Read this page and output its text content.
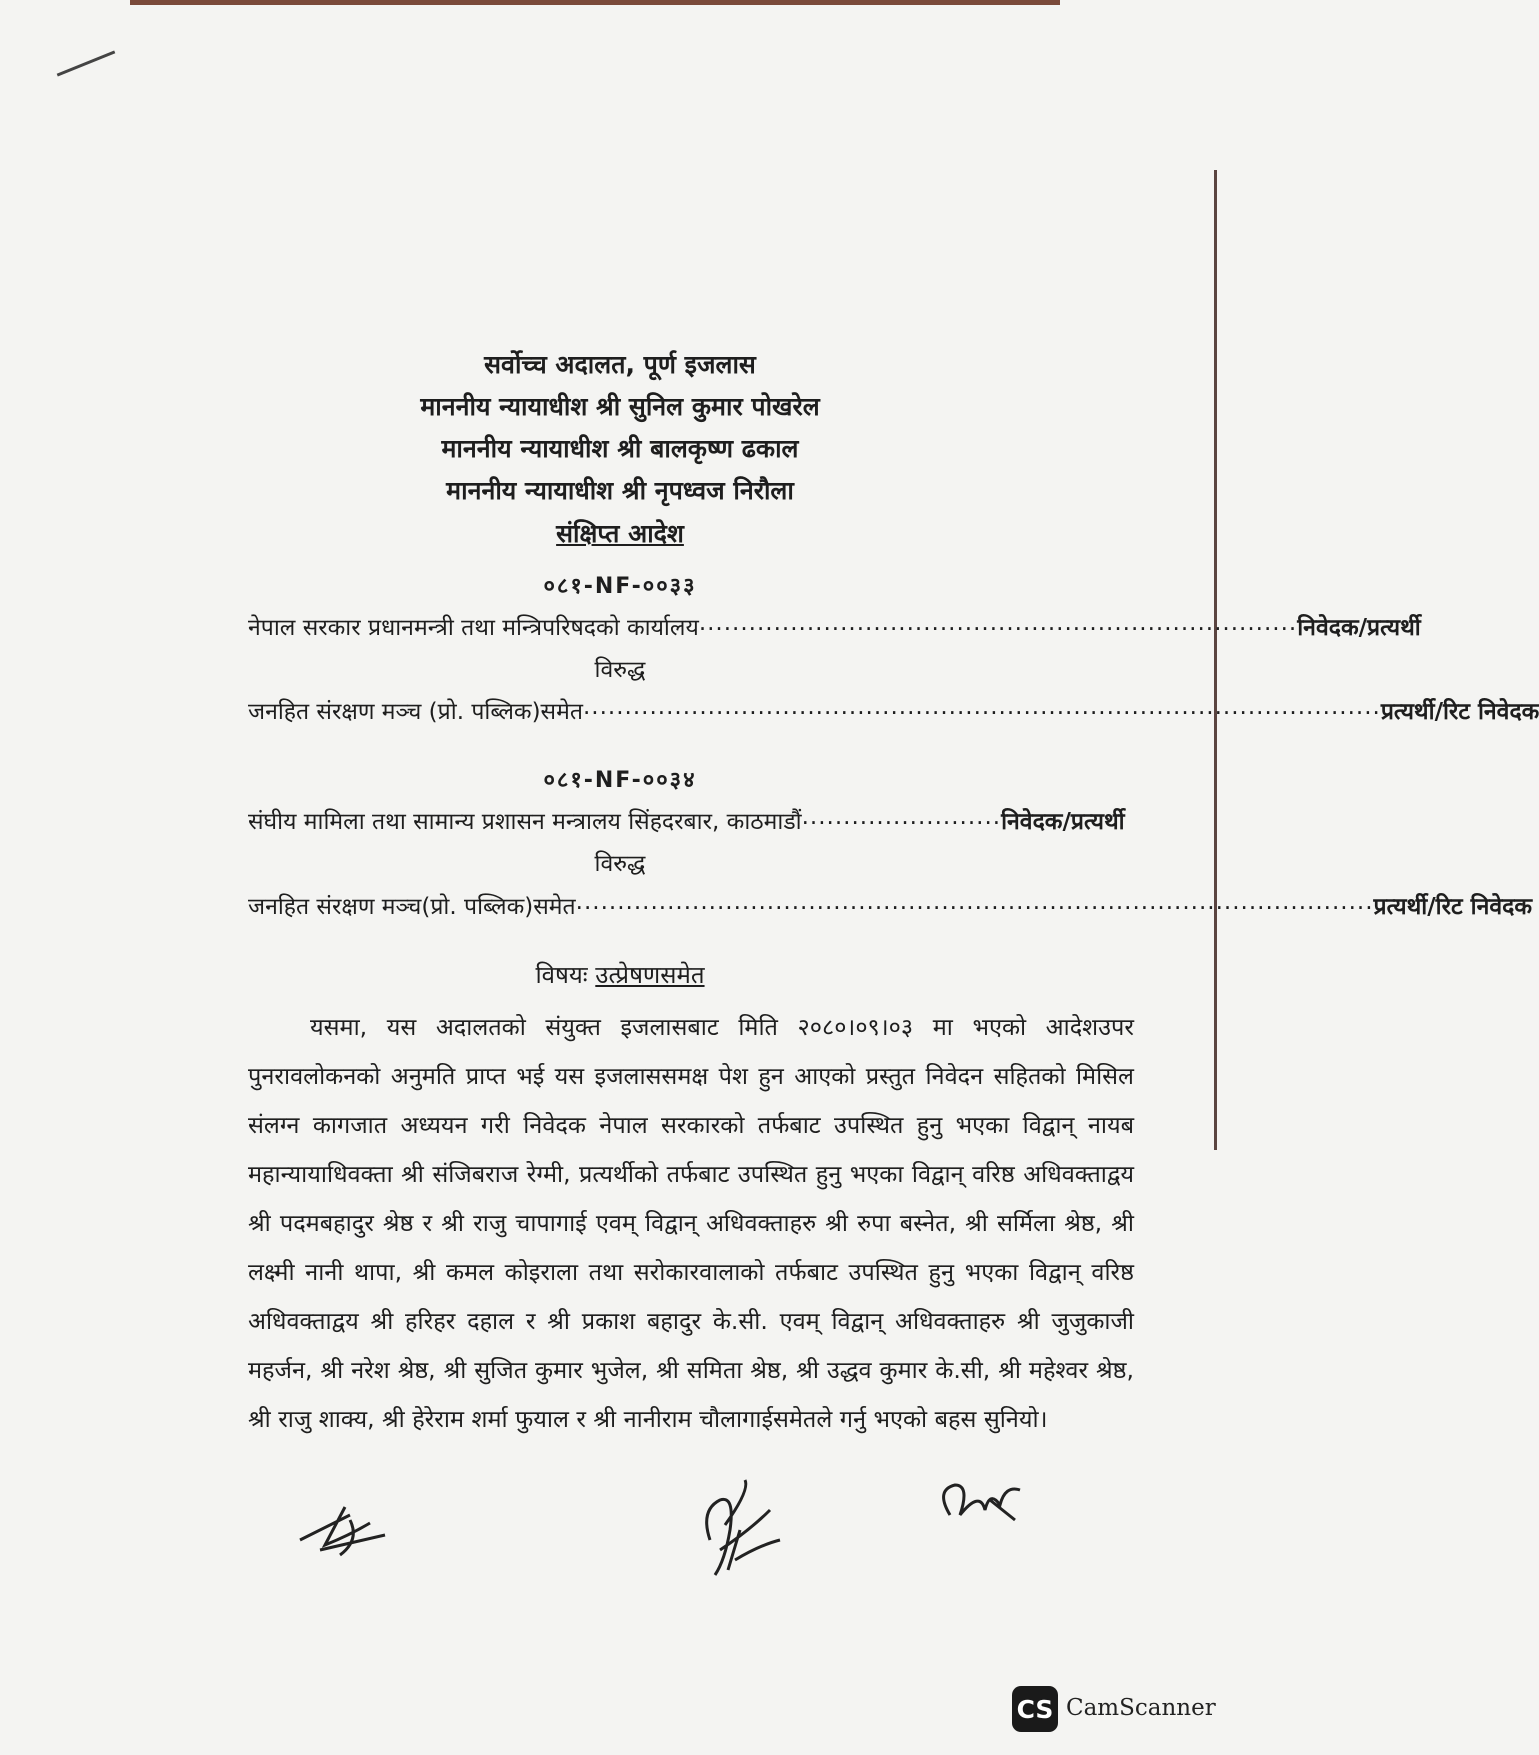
सर्वोच्च अदालत, पूर्ण इजलास
माननीय न्यायाधीश श्री सुनिल कुमार पोखरेल
माननीय न्यायाधीश श्री बालकृष्ण ढकाल
माननीय न्यायाधीश श्री नृपध्वज निरौला
संक्षिप्त आदेश
०८१-NF-००३३
नेपाल सरकार प्रधानमन्त्री तथा मन्त्रिपरिषदको कार्यालय ........................................................................ निवेदक/प्रत्यर्थी
विरुद्ध
जनहित संरक्षण मञ्च (प्रो. पब्लिक)समेत ................................................................................................ प्रत्यर्थी/रिट निवेदक
०८१-NF-००३४
संघीय मामिला तथा सामान्य प्रशासन मन्त्रालय सिंहदरबार, काठमाडौं ........................ निवेदक/प्रत्यर्थी
विरुद्ध
जनहित संरक्षण मञ्च(प्रो. पब्लिक)समेत ................................................................................................ प्रत्यर्थी/रिट निवेदक
विषयः उत्प्रेषणसमेत
यसमा, यस अदालतको संयुक्त इजलासबाट मिति २०८०।०९।०३ मा भएको आदेशउपर पुनरावलोकनको अनुमति प्राप्त भई यस इजलाससमक्ष पेश हुन आएको प्रस्तुत निवेदन सहितको मिसिल संलग्न कागजात अध्ययन गरी निवेदक नेपाल सरकारको तर्फबाट उपस्थित हुनु भएका विद्वान् नायब महान्यायाधिवक्ता श्री संजिबराज रेग्मी, प्रत्यर्थीको तर्फबाट उपस्थित हुनु भएका विद्वान् वरिष्ठ अधिवक्ताद्वय श्री पदमबहादुर श्रेष्ठ र श्री राजु चापागाई एवम् विद्वान् अधिवक्ताहरु श्री रुपा बस्नेत, श्री सर्मिला श्रेष्ठ, श्री लक्ष्मी नानी थापा, श्री कमल कोइराला तथा सरोकारवालाको तर्फबाट उपस्थित हुनु भएका विद्वान् वरिष्ठ अधिवक्ताद्वय श्री हरिहर दहाल र श्री प्रकाश बहादुर के.सी. एवम् विद्वान् अधिवक्ताहरु श्री जुजुकाजी महर्जन, श्री नरेश श्रेष्ठ, श्री सुजित कुमार भुजेल, श्री समिता श्रेष्ठ, श्री उद्धव कुमार के.सी, श्री महेश्वर श्रेष्ठ, श्री राजु शाक्य, श्री हेरेराम शर्मा फुयाल र श्री नानीराम चौलागाईसमेतले गर्नु भएको बहस सुनियो।
CS CamScanner
